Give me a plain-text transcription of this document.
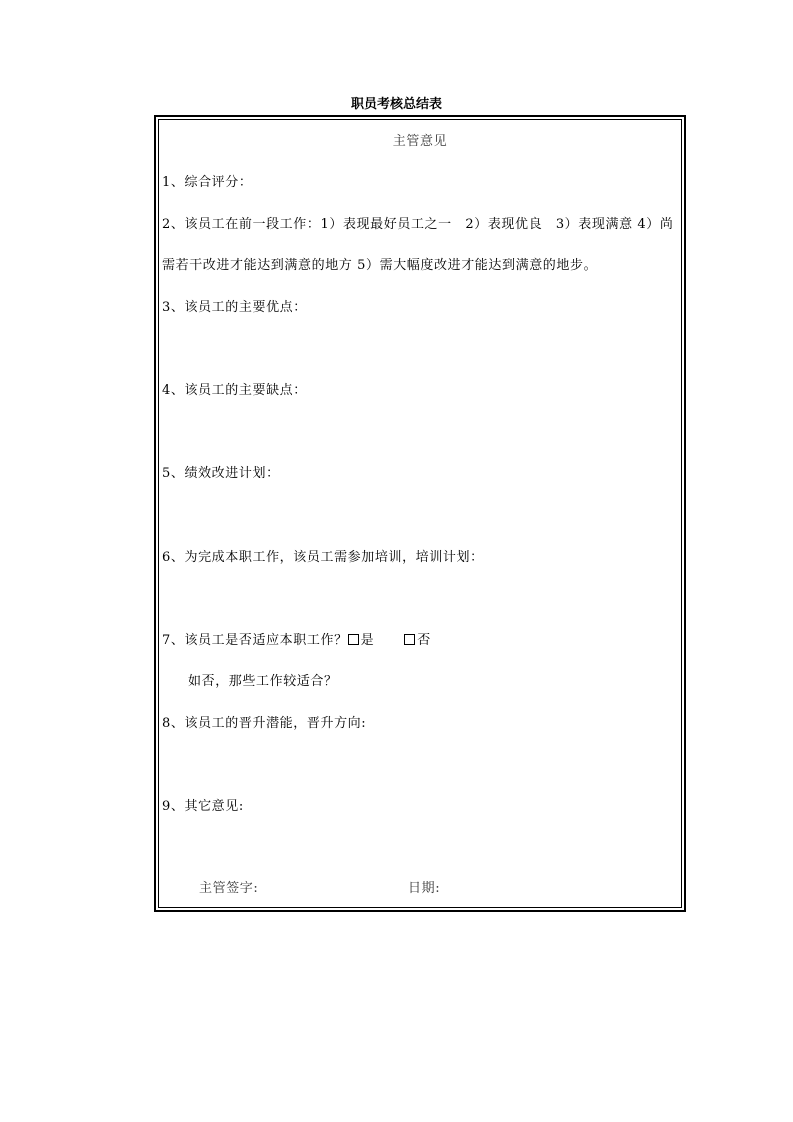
职员考核总结表
主管意见
1、综合评分：
2、该员工在前一段工作：1）表现最好员工之一　2）表现优良　3）表现满意 4）尚
需若干改进才能达到满意的地方 5）需大幅度改进才能达到满意的地步。
3、该员工的主要优点：
4、该员工的主要缺点：
5、绩效改进计划：
6、为完成本职工作，该员工需参加培训，培训计划：
7、该员工是否适应本职工作？ 是	否
如否，那些工作较适合？
8、该员工的晋升潜能，晋升方向:
9、其它意见:
主管签字:	日期:
